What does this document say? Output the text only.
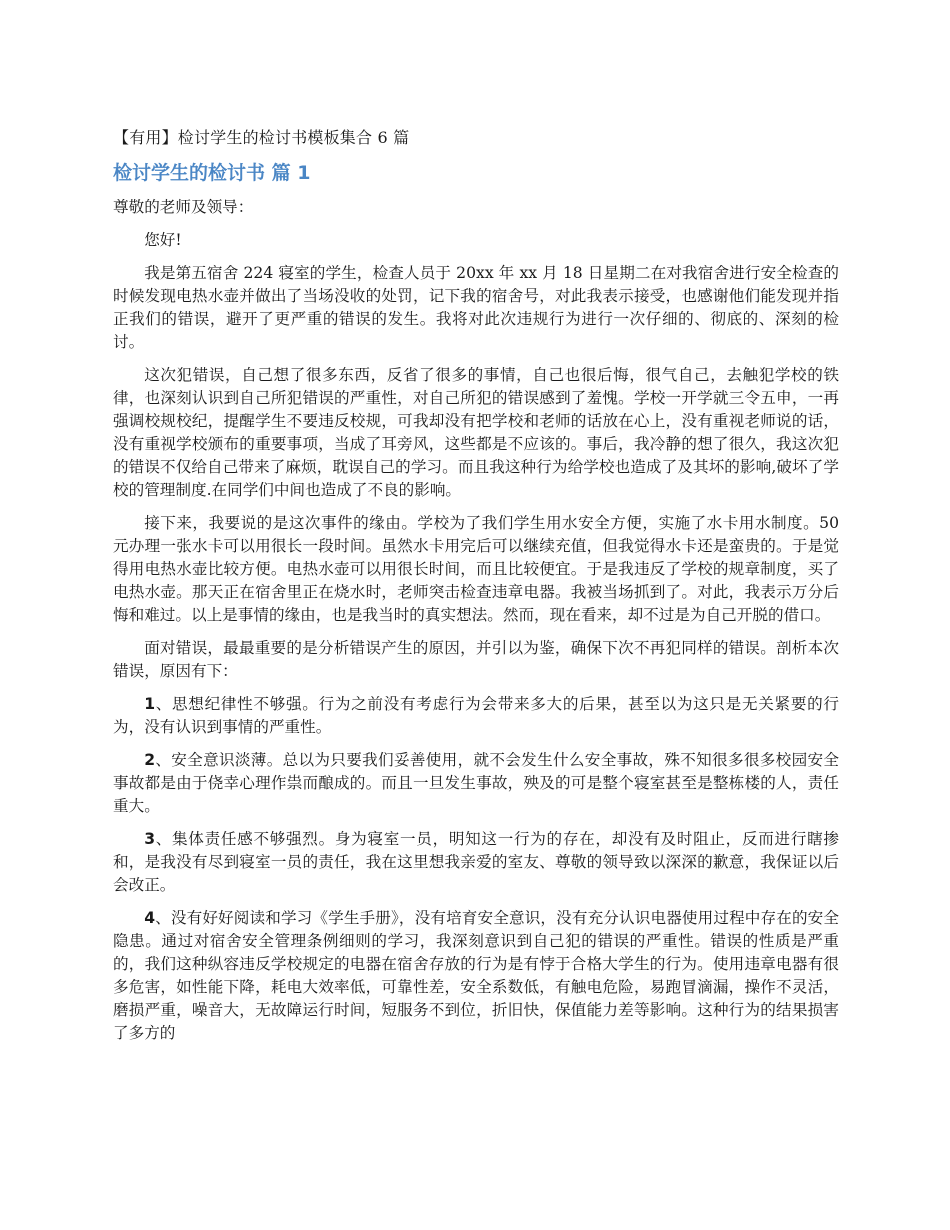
【有用】检讨学生的检讨书模板集合 6 篇
检讨学生的检讨书 篇 1

尊敬的老师及领导：

您好!

我是第五宿舍 224 寝室的学生，检查人员于 20xx 年 xx 月 18 日星期二在对我宿舍进行安全检查的时候发现电热水壶并做出了当场没收的处罚，记下我的宿舍号，对此我表示接受，也感谢他们能发现并指正我们的错误，避开了更严重的错误的发生。我将对此次违规行为进行一次仔细的、彻底的、深刻的检讨。

这次犯错误，自己想了很多东西，反省了很多的事情，自己也很后悔，很气自己，去触犯学校的铁律，也深刻认识到自己所犯错误的严重性，对自己所犯的错误感到了羞愧。学校一开学就三令五申，一再强调校规校纪，提醒学生不要违反校规，可我却没有把学校和老师的话放在心上，没有重视老师说的话，没有重视学校颁布的重要事项，当成了耳旁风，这些都是不应该的。事后，我冷静的想了很久，我这次犯的错误不仅给自己带来了麻烦，耽误自己的学习。而且我这种行为给学校也造成了及其坏的影响,破坏了学校的管理制度.在同学们中间也造成了不良的影响。

接下来，我要说的是这次事件的缘由。学校为了我们学生用水安全方便，实施了水卡用水制度。50 元办理一张水卡可以用很长一段时间。虽然水卡用完后可以继续充值，但我觉得水卡还是蛮贵的。于是觉得用电热水壶比较方便。电热水壶可以用很长时间，而且比较便宜。于是我违反了学校的规章制度，买了电热水壶。那天正在宿舍里正在烧水时，老师突击检查违章电器。我被当场抓到了。对此，我表示万分后悔和难过。以上是事情的缘由，也是我当时的真实想法。然而，现在看来，却不过是为自己开脱的借口。

面对错误，最最重要的是分析错误产生的原因，并引以为鉴，确保下次不再犯同样的错误。剖析本次错误，原因有下：

1、思想纪律性不够强。行为之前没有考虑行为会带来多大的后果，甚至以为这只是无关紧要的行为，没有认识到事情的严重性。

2、安全意识淡薄。总以为只要我们妥善使用，就不会发生什么安全事故，殊不知很多很多校园安全事故都是由于侥幸心理作祟而酿成的。而且一旦发生事故，殃及的可是整个寝室甚至是整栋楼的人，责任重大。

3、集体责任感不够强烈。身为寝室一员，明知这一行为的存在，却没有及时阻止，反而进行瞎掺和，是我没有尽到寝室一员的责任，我在这里想我亲爱的室友、尊敬的领导致以深深的歉意，我保证以后会改正。

4、没有好好阅读和学习《学生手册》，没有培育安全意识，没有充分认识电器使用过程中存在的安全隐患。通过对宿舍安全管理条例细则的学习，我深刻意识到自己犯的错误的严重性。错误的性质是严重的，我们这种纵容违反学校规定的电器在宿舍存放的行为是有悖于合格大学生的行为。使用违章电器有很多危害，如性能下降，耗电大效率低，可靠性差，安全系数低，有触电危险，易跑冒滴漏，操作不灵活，磨损严重，噪音大，无故障运行时间，短服务不到位，折旧快，保值能力差等影响。这种行为的结果损害了多方的
